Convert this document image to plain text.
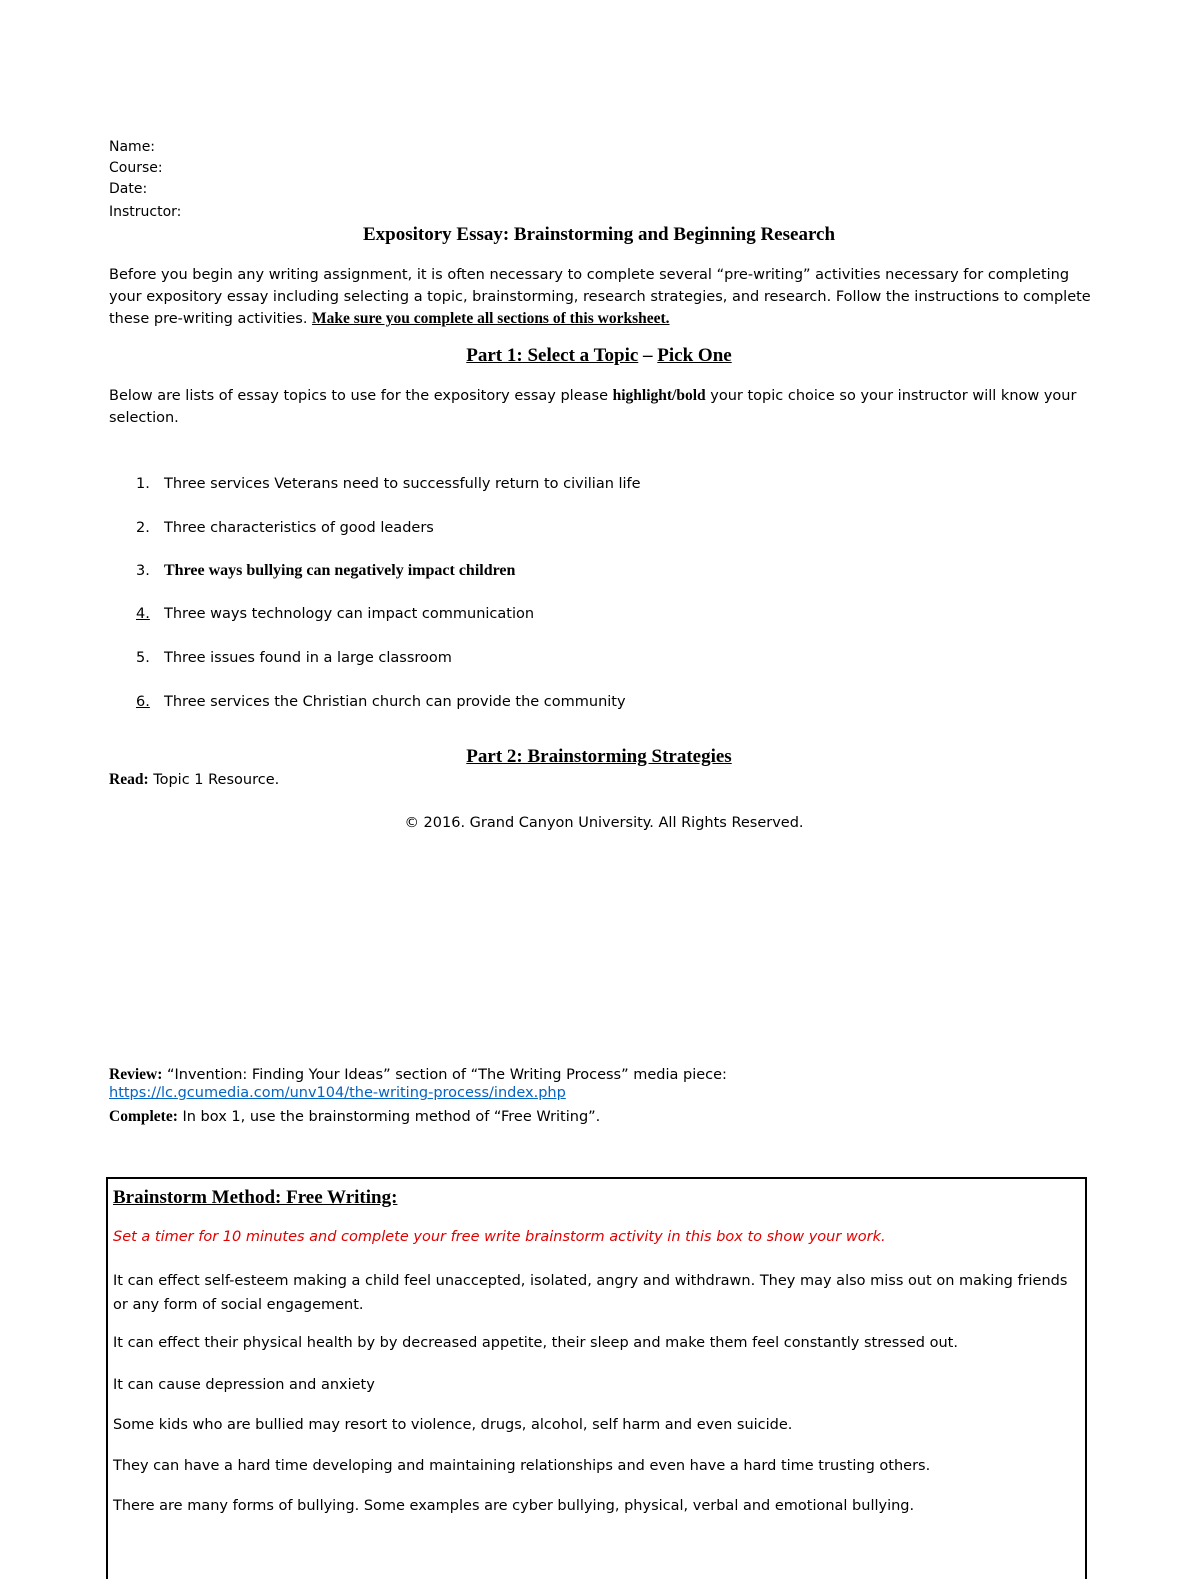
Name:
Course:
Date:
Instructor:
Expository Essay: Brainstorming and Beginning Research
Before you begin any writing assignment, it is often necessary to complete several “pre-writing” activities necessary for completing your expository essay including selecting a topic, brainstorming, research strategies, and research. Follow the instructions to complete these pre-writing activities. Make sure you complete all sections of this worksheet.
Part 1: Select a Topic – Pick One
Below are lists of essay topics to use for the expository essay please highlight/bold your topic choice so your instructor will know your selection.
1. Three services Veterans need to successfully return to civilian life
2. Three characteristics of good leaders
3. Three ways bullying can negatively impact children
4. Three ways technology can impact communication
5. Three issues found in a large classroom
6. Three services the Christian church can provide the community
Part 2: Brainstorming Strategies
Read: Topic 1 Resource.
© 2016. Grand Canyon University. All Rights Reserved.
Review: “Invention: Finding Your Ideas” section of “The Writing Process” media piece:
https://lc.gcumedia.com/unv104/the-writing-process/index.php
Complete: In box 1, use the brainstorming method of “Free Writing”.
Brainstorm Method: Free Writing:
Set a timer for 10 minutes and complete your free write brainstorm activity in this box to show your work.
It can effect self-esteem making a child feel unaccepted, isolated, angry and withdrawn. They may also miss out on making friends or any form of social engagement.
It can effect their physical health by by decreased appetite, their sleep and make them feel constantly stressed out.
It can cause depression and anxiety
Some kids who are bullied may resort to violence, drugs, alcohol, self harm and even suicide.
They can have a hard time developing and maintaining relationships and even have a hard time trusting others.
There are many forms of bullying. Some examples are cyber bullying, physical, verbal and emotional bullying.
